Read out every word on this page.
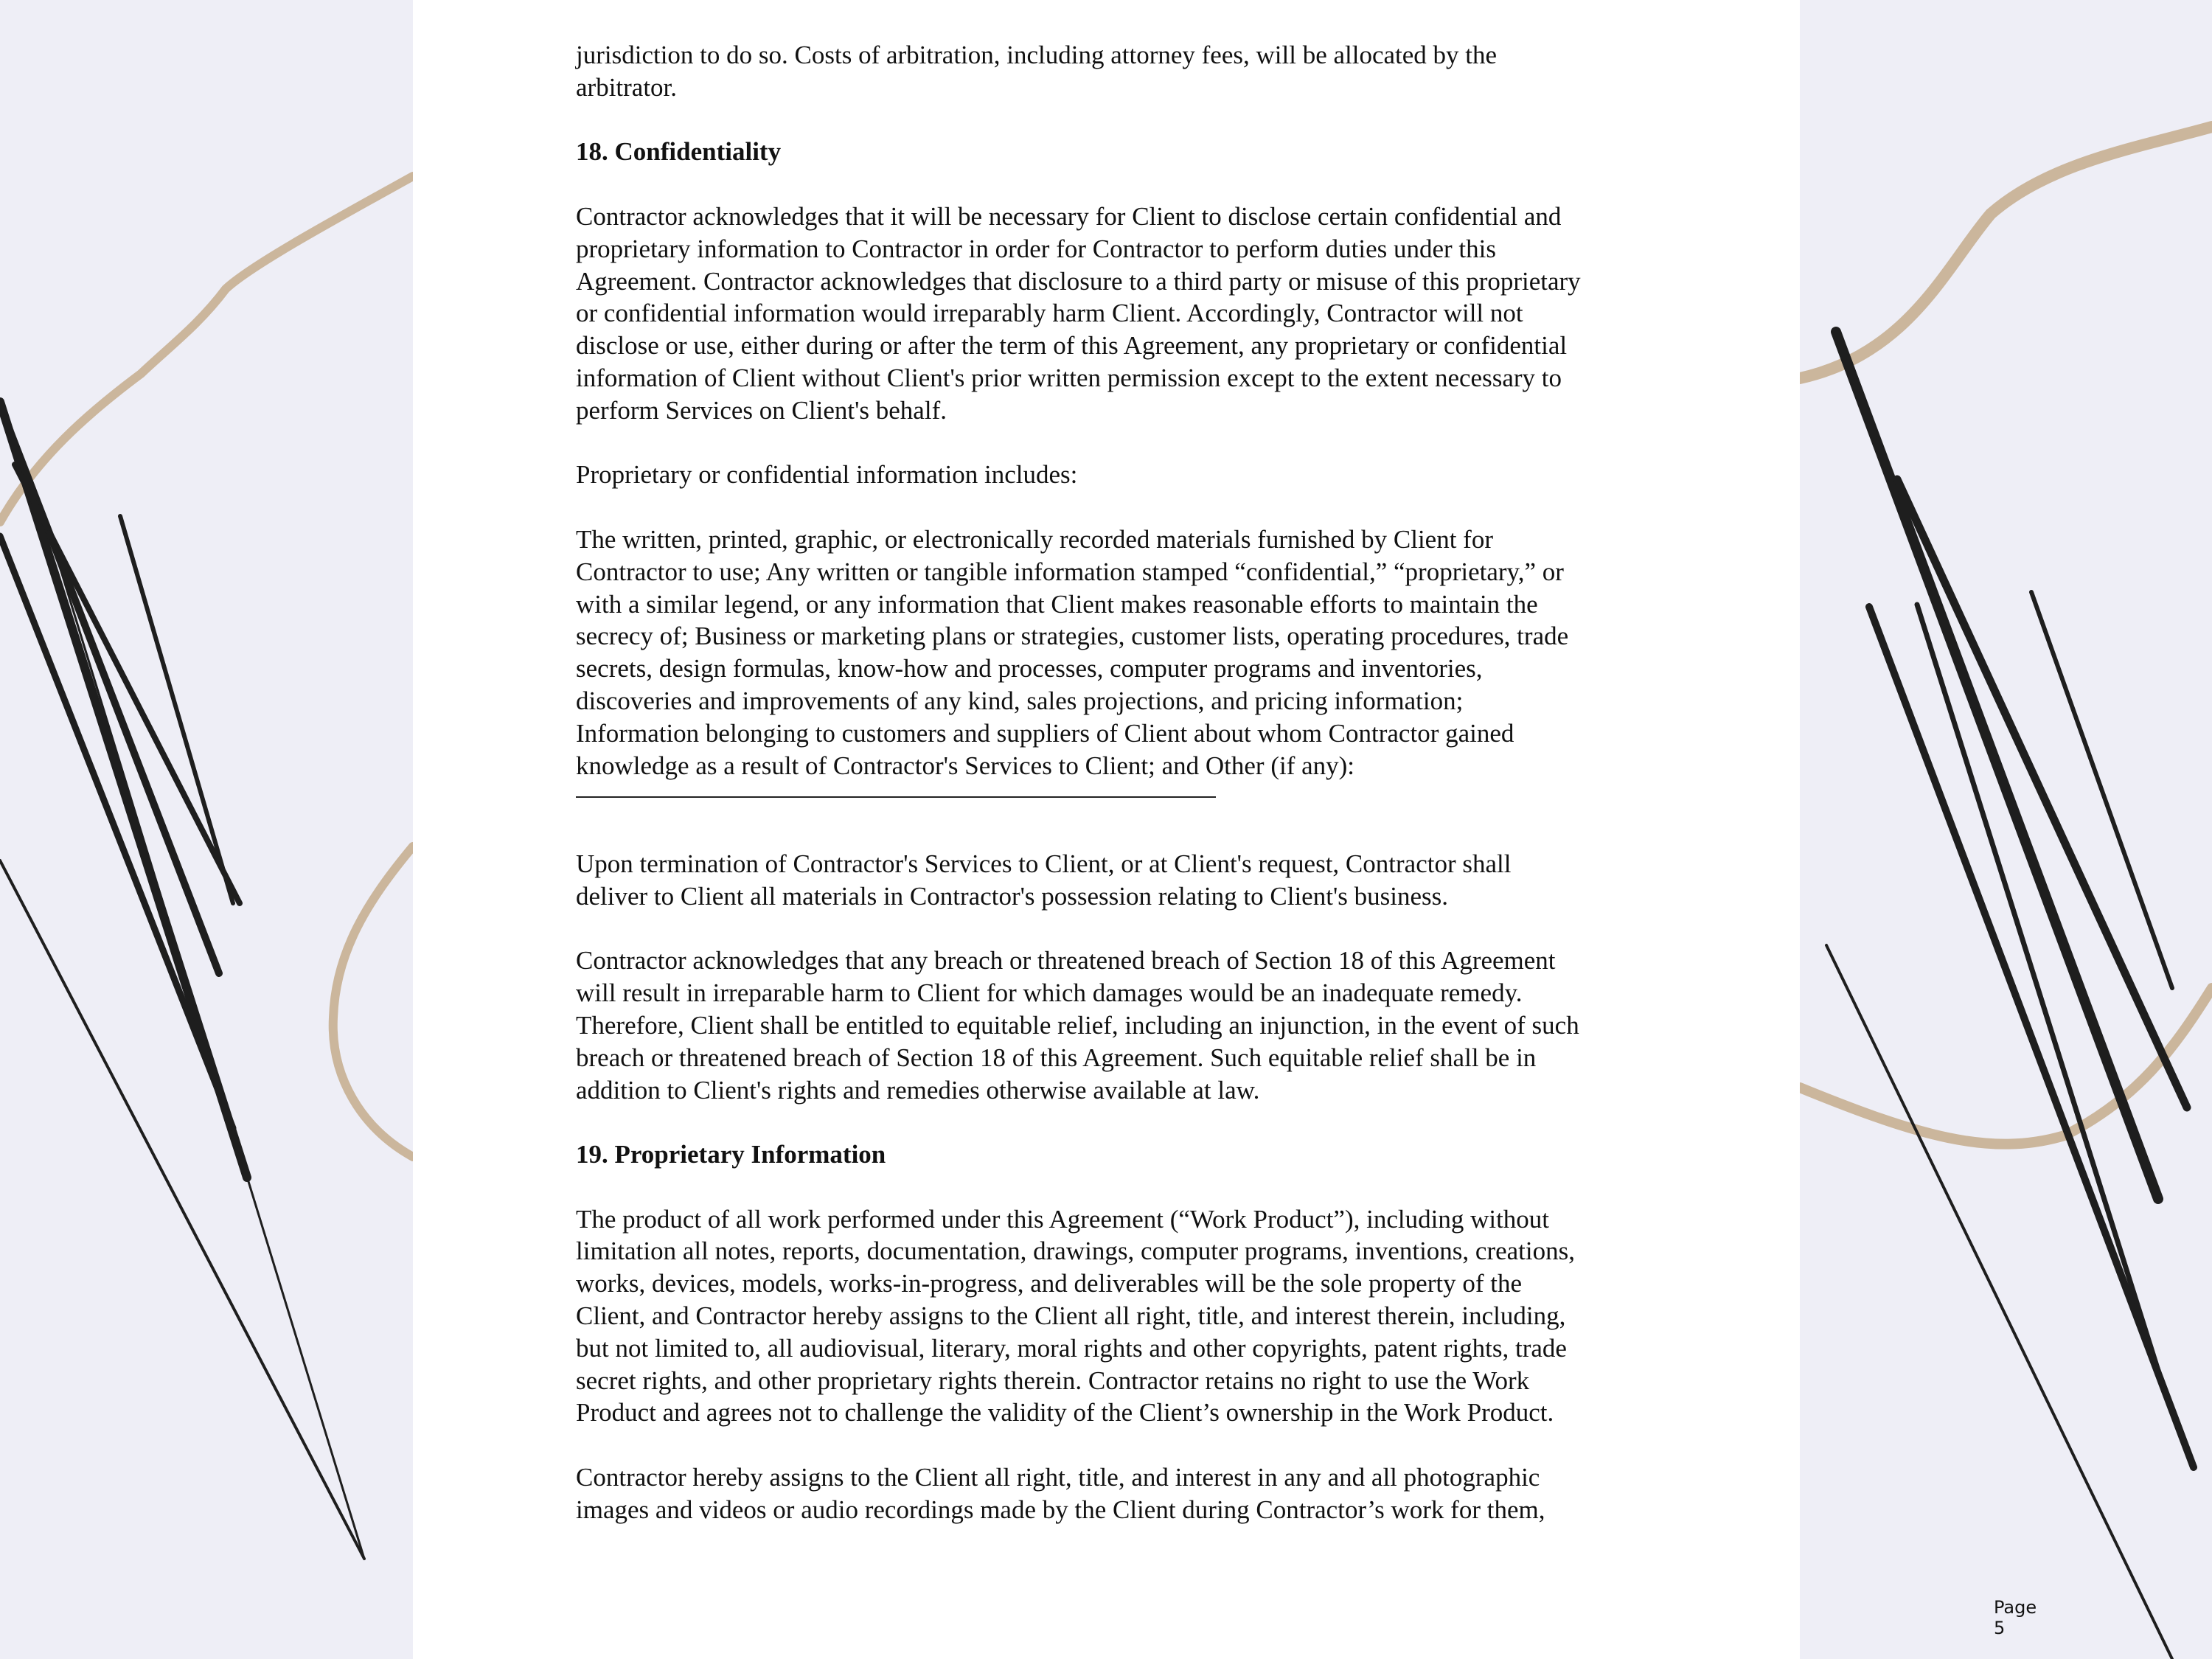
jurisdiction to do so. Costs of arbitration, including attorney fees, will be allocated by the
arbitrator.
18. Confidentiality
Contractor acknowledges that it will be necessary for Client to disclose certain confidential and
proprietary information to Contractor in order for Contractor to perform duties under this
Agreement. Contractor acknowledges that disclosure to a third party or misuse of this proprietary
or confidential information would irreparably harm Client. Accordingly, Contractor will not
disclose or use, either during or after the term of this Agreement, any proprietary or confidential
information of Client without Client's prior written permission except to the extent necessary to
perform Services on Client's behalf.
Proprietary or confidential information includes:
The written, printed, graphic, or electronically recorded materials furnished by Client for
Contractor to use; Any written or tangible information stamped “confidential,” “proprietary,” or
with a similar legend, or any information that Client makes reasonable efforts to maintain the
secrecy of; Business or marketing plans or strategies, customer lists, operating procedures, trade
secrets, design formulas, know-how and processes, computer programs and inventories,
discoveries and improvements of any kind, sales projections, and pricing information;
Information belonging to customers and suppliers of Client about whom Contractor gained
knowledge as a result of Contractor's Services to Client; and Other (if any):
Upon termination of Contractor's Services to Client, or at Client's request, Contractor shall
deliver to Client all materials in Contractor's possession relating to Client's business.
Contractor acknowledges that any breach or threatened breach of Section 18 of this Agreement
will result in irreparable harm to Client for which damages would be an inadequate remedy.
Therefore, Client shall be entitled to equitable relief, including an injunction, in the event of such
breach or threatened breach of Section 18 of this Agreement. Such equitable relief shall be in
addition to Client's rights and remedies otherwise available at law.
19. Proprietary Information
The product of all work performed under this Agreement (“Work Product”), including without
limitation all notes, reports, documentation, drawings, computer programs, inventions, creations,
works, devices, models, works-in-progress, and deliverables will be the sole property of the
Client, and Contractor hereby assigns to the Client all right, title, and interest therein, including,
but not limited to, all audiovisual, literary, moral rights and other copyrights, patent rights, trade
secret rights, and other proprietary rights therein. Contractor retains no right to use the Work
Product and agrees not to challenge the validity of the Client’s ownership in the Work Product.
Contractor hereby assigns to the Client all right, title, and interest in any and all photographic
images and videos or audio recordings made by the Client during Contractor’s work for them,
Page 5
